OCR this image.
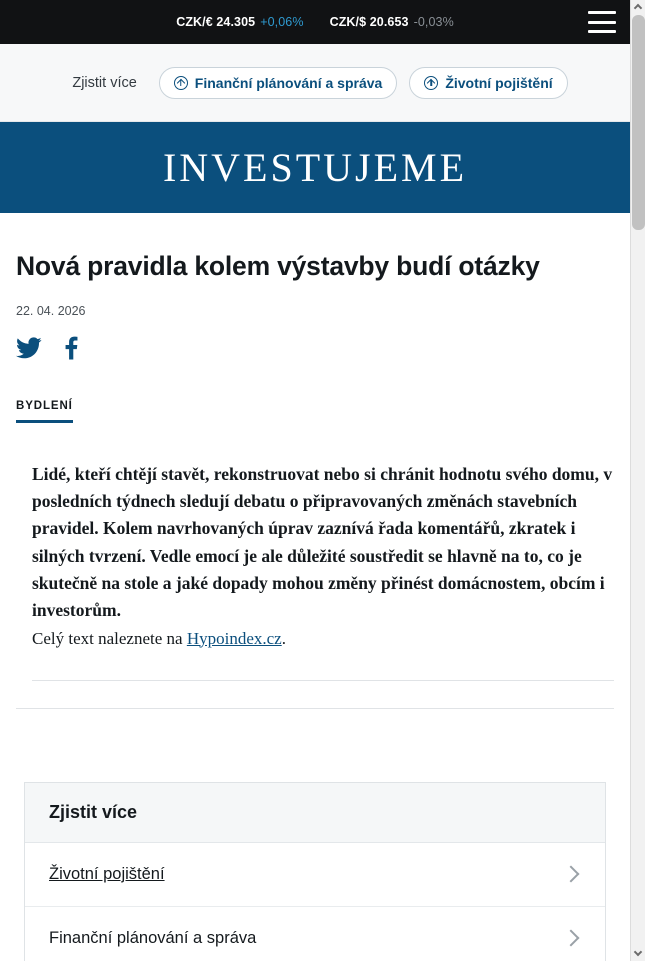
CZK/€ 24.305 +0,06% CZK/$ 20.653 -0,03%
Zjistit více	Finanční plánování a správa	Životní pojištění
INVESTUJEME
Nová pravidla kolem výstavby budí otázky
22. 04. 2026
BYDLENÍ

Lidé, kteří chtějí stavět, rekonstruovat nebo si chránit hodnotu svého domu, v posledních týdnech sledují debatu o připravovaných změnách stavebních pravidel. Kolem navrhovaných úprav zaznívá řada komentářů, zkratek i silných tvrzení. Vedle emocí je ale důležité soustředit se hlavně na to, co je skutečně na stole a jaké dopady mohou změny přinést domácnostem, obcím i investorům.

Celý text naleznete na Hypoindex.cz.

Zjistit více
Životní pojištění
Finanční plánování a správa
